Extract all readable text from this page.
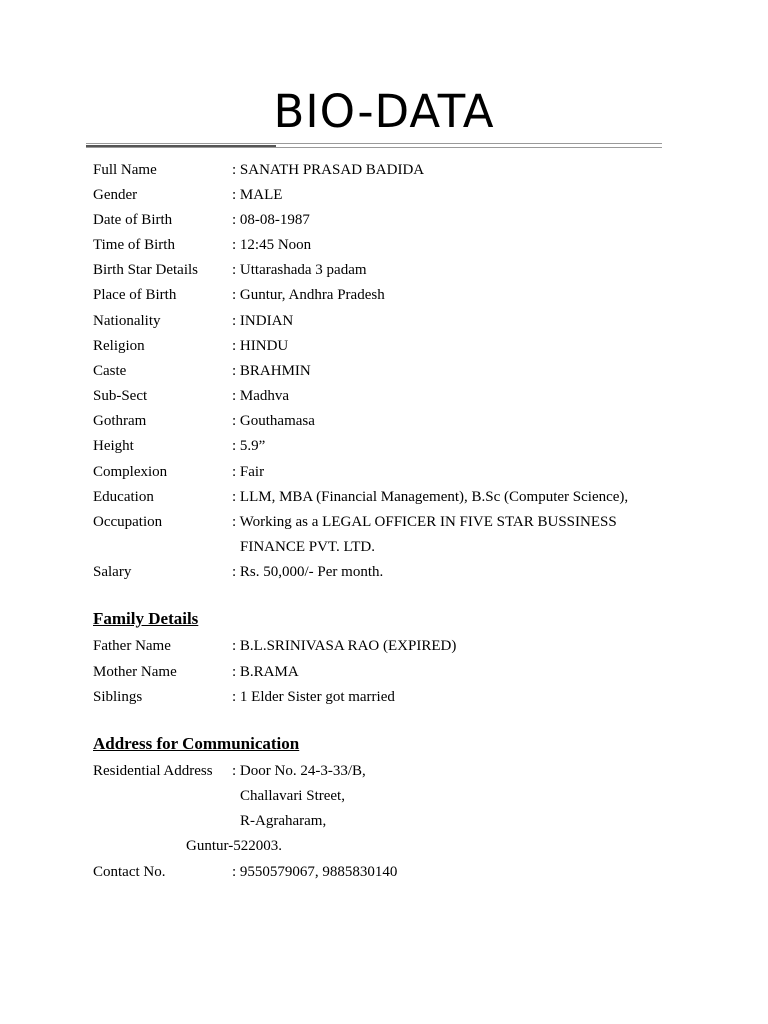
BIO-DATA
Full Name	: SANATH PRASAD BADIDA
Gender	: MALE
Date of Birth	: 08-08-1987
Time of Birth	: 12:45 Noon
Birth Star Details : Uttarashada 3 padam
Place of Birth	: Guntur, Andhra Pradesh
Nationality	: INDIAN
Religion	: HINDU
Caste	: BRAHMIN
Sub-Sect	: Madhva
Gothram	: Gouthamasa
Height	: 5.9”
Complexion	: Fair
Education	: LLM, MBA (Financial Management), B.Sc (Computer Science),
Occupation	: Working as a LEGAL OFFICER IN FIVE STAR BUSSINESS
FINANCE PVT. LTD.
Salary	: Rs. 50,000/- Per month.
Family Details
Father Name	: B.L.SRINIVASA RAO (EXPIRED)
Mother Name	: B.RAMA
Siblings	: 1 Elder Sister got married
Address for Communication
Residential Address : Door No. 24-3-33/B,
Challavari Street,
R-Agraharam,
Guntur-522003.
Contact No.	: 9550579067, 9885830140
